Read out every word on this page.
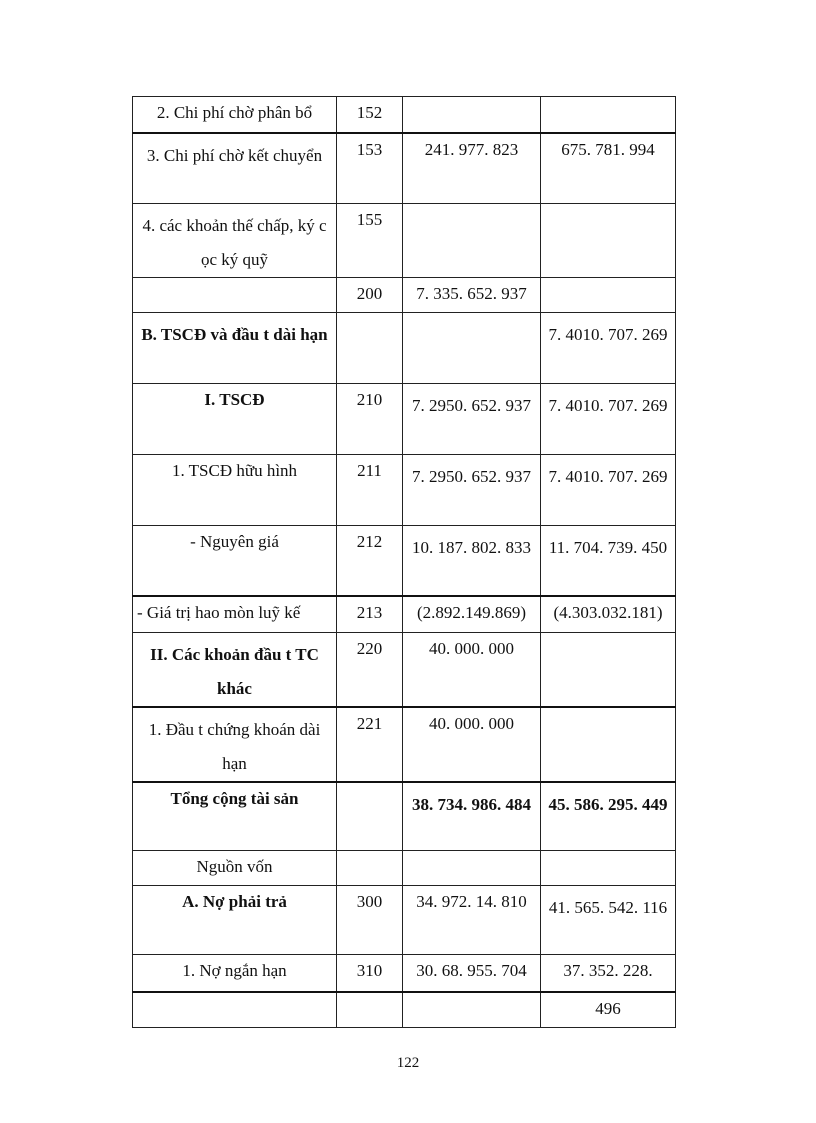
2. Chi phí chờ phân bổ	152		
3. Chi phí chờ kết chuyển	153	241. 977. 823	675. 781. 994
4. các khoản thế chấp, ký c ọc ký quỹ	155		
	200	7. 335. 652. 937	
B. TSCĐ và đầu t dài hạn			7. 4010. 707. 269
I. TSCĐ	210	7. 2950. 652. 937	7. 4010. 707. 269
1. TSCĐ hữu hình	211	7. 2950. 652. 937	7. 4010. 707. 269
- Nguyên giá	212	10. 187. 802. 833	11. 704. 739. 450
- Giá trị hao mòn luỹ kế	213	(2.892.149.869)	(4.303.032.181)
II. Các khoản đầu t TC khác	220	40. 000. 000	
1. Đầu t chứng khoán dài hạn	221	40. 000. 000	
Tổng cộng tài sản		38. 734. 986. 484	45. 586. 295. 449
Nguồn vốn			
A. Nợ phải trả	300	34. 972. 14. 810	41. 565. 542. 116
1. Nợ ngắn hạn	310	30. 68. 955. 704	37. 352. 228.
			496
122
